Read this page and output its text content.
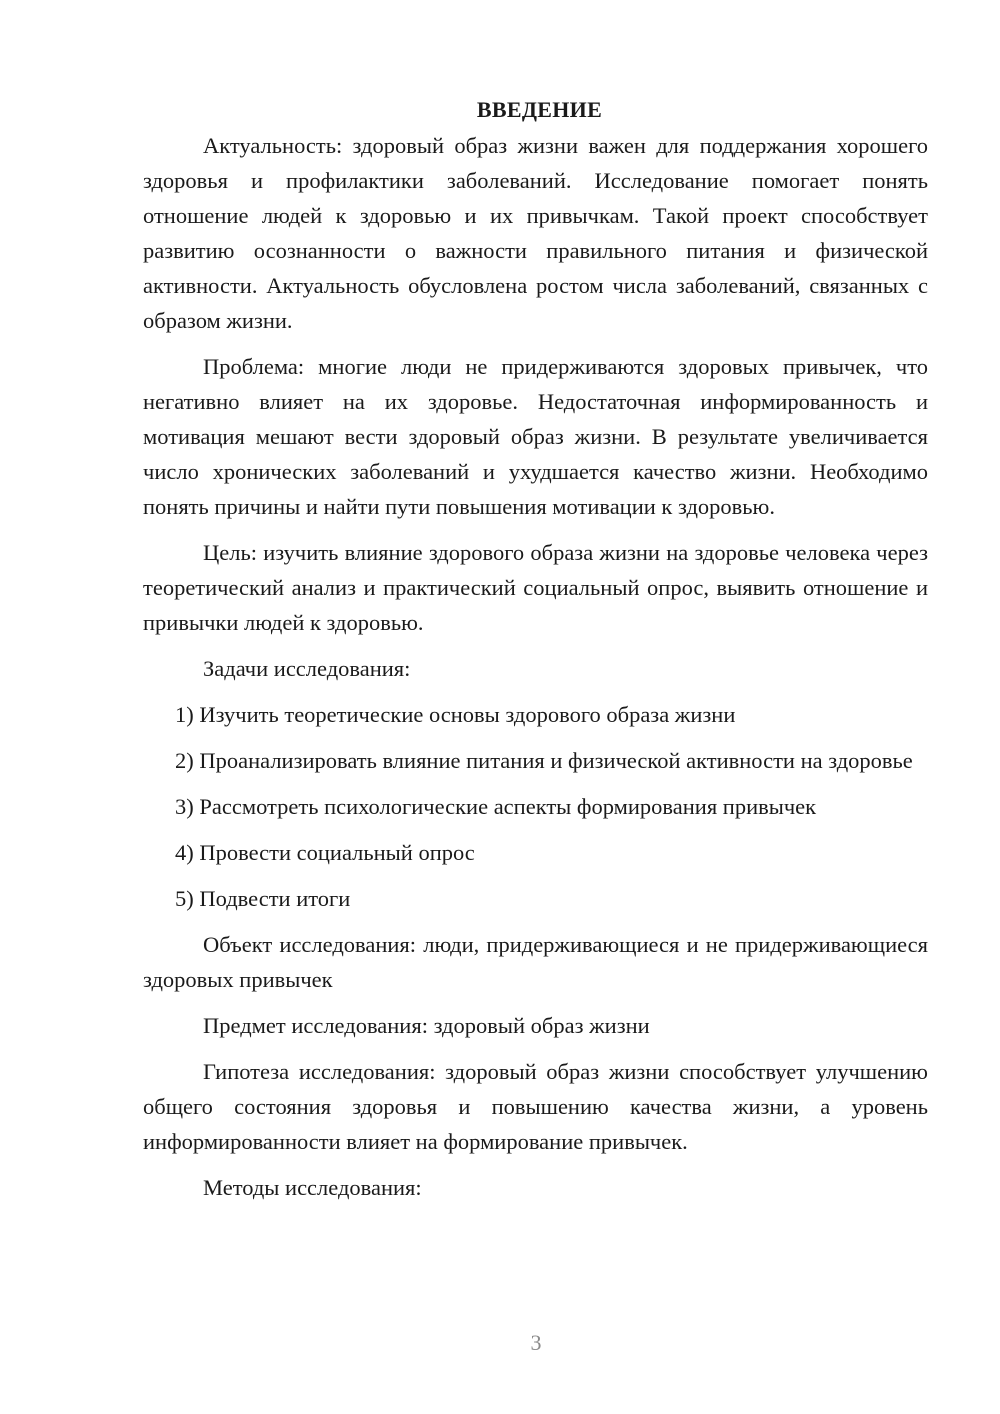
ВВЕДЕНИЕ

Актуальность: здоровый образ жизни важен для поддержания хорошего здоровья и профилактики заболеваний. Исследование помогает понять отношение людей к здоровью и их привычкам. Такой проект способствует развитию осознанности о важности правильного питания и физической активности. Актуальность обусловлена ростом числа заболеваний, связанных с образом жизни.

Проблема: многие люди не придерживаются здоровых привычек, что негативно влияет на их здоровье. Недостаточная информированность и мотивация мешают вести здоровый образ жизни. В результате увеличивается число хронических заболеваний и ухудшается качество жизни. Необходимо понять причины и найти пути повышения мотивации к здоровью.

Цель: изучить влияние здорового образа жизни на здоровье человека через теоретический анализ и практический социальный опрос, выявить отношение и привычки людей к здоровью.

Задачи исследования:

1) Изучить теоретические основы здорового образа жизни

2) Проанализировать влияние питания и физической активности на здоровье

3) Рассмотреть психологические аспекты формирования привычек

4) Провести социальный опрос

5) Подвести итоги

Объект исследования: люди, придерживающиеся и не придерживающиеся здоровых привычек

Предмет исследования: здоровый образ жизни

Гипотеза исследования: здоровый образ жизни способствует улучшению общего состояния здоровья и повышению качества жизни, а уровень информированности влияет на формирование привычек.

Методы исследования:

3
